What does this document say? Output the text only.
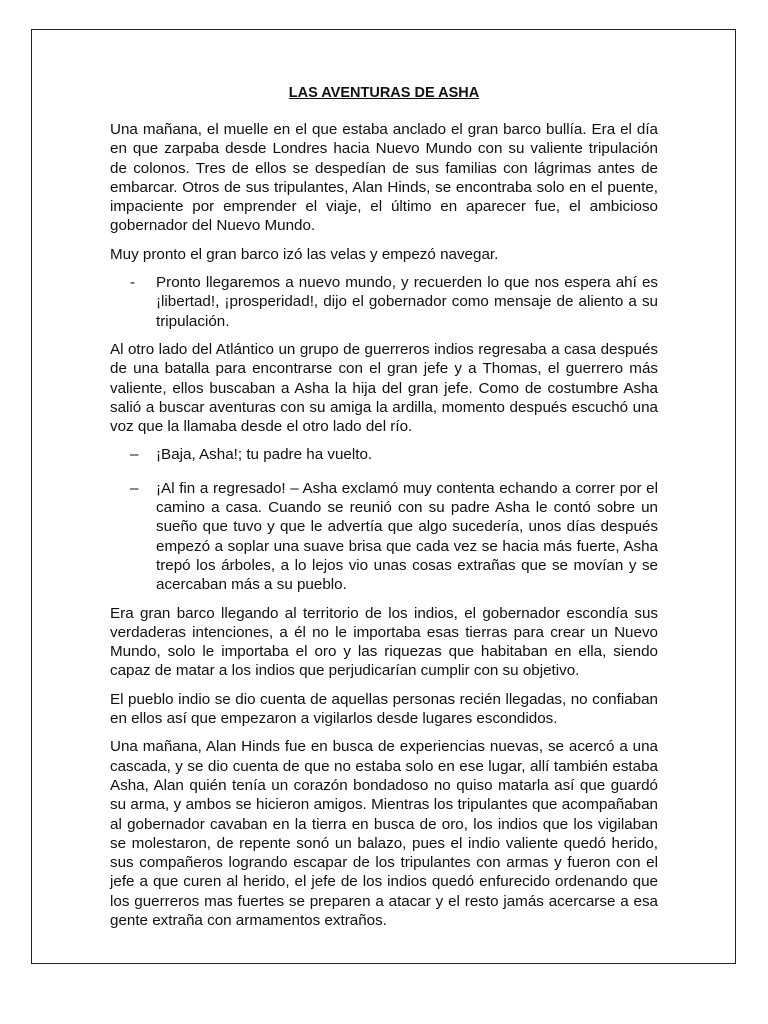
LAS AVENTURAS DE ASHA

Una mañana, el muelle en el que estaba anclado el gran barco bullía. Era el día en que zarpaba desde Londres hacia Nuevo Mundo con su valiente tripulación de colonos. Tres de ellos se despedían de sus familias con lágrimas antes de embarcar. Otros de sus tripulantes, Alan Hinds, se encontraba solo en el puente, impaciente por emprender el viaje, el último en aparecer fue, el ambicioso gobernador del Nuevo Mundo.

Muy pronto el gran barco izó las velas y empezó navegar.

-	Pronto llegaremos a nuevo mundo, y recuerden lo que nos espera ahí es ¡libertad!, ¡prosperidad!, dijo el gobernador como mensaje de aliento a su tripulación.

Al otro lado del Atlántico un grupo de guerreros indios regresaba a casa después de una batalla para encontrarse con el gran jefe y a Thomas, el guerrero más valiente, ellos buscaban a Asha la hija del gran jefe. Como de costumbre Asha salió a buscar aventuras con su amiga la ardilla, momento después escuchó una voz que la llamaba desde el otro lado del río.

–	¡Baja, Asha!; tu padre ha vuelto.
–	¡Al fin a regresado! – Asha exclamó muy contenta echando a correr por el camino a casa. Cuando se reunió con su padre Asha le contó sobre un sueño que tuvo y que le advertía que algo sucedería, unos días después empezó a soplar una suave brisa que cada vez se hacia más fuerte, Asha trepó los árboles, a lo lejos vio unas cosas extrañas que se movían y se acercaban más a su pueblo.

Era gran barco llegando al territorio de los indios, el gobernador escondía sus verdaderas intenciones, a él no le importaba esas tierras para crear un Nuevo Mundo, solo le importaba el oro y las riquezas que habitaban en ella, siendo capaz de matar a los indios que perjudicarían cumplir con su objetivo.

El pueblo indio se dio cuenta de aquellas personas recién llegadas, no confiaban en ellos así que empezaron a vigilarlos desde lugares escondidos.

Una mañana, Alan Hinds fue en busca de experiencias nuevas, se acercó a una cascada, y se dio cuenta de que no estaba solo en ese lugar, allí también estaba Asha, Alan quién tenía un corazón bondadoso no quiso matarla así que guardó su arma, y ambos se hicieron amigos. Mientras los tripulantes que acompañaban al gobernador cavaban en la tierra en busca de oro, los indios que los vigilaban se molestaron, de repente sonó un balazo, pues el indio valiente quedó herido, sus compañeros logrando escapar de los tripulantes con armas y fueron con el jefe a que curen al herido, el jefe de los indios quedó enfurecido ordenando que los guerreros mas fuertes se preparen a atacar y el resto jamás acercarse a esa gente extraña con armamentos extraños.
